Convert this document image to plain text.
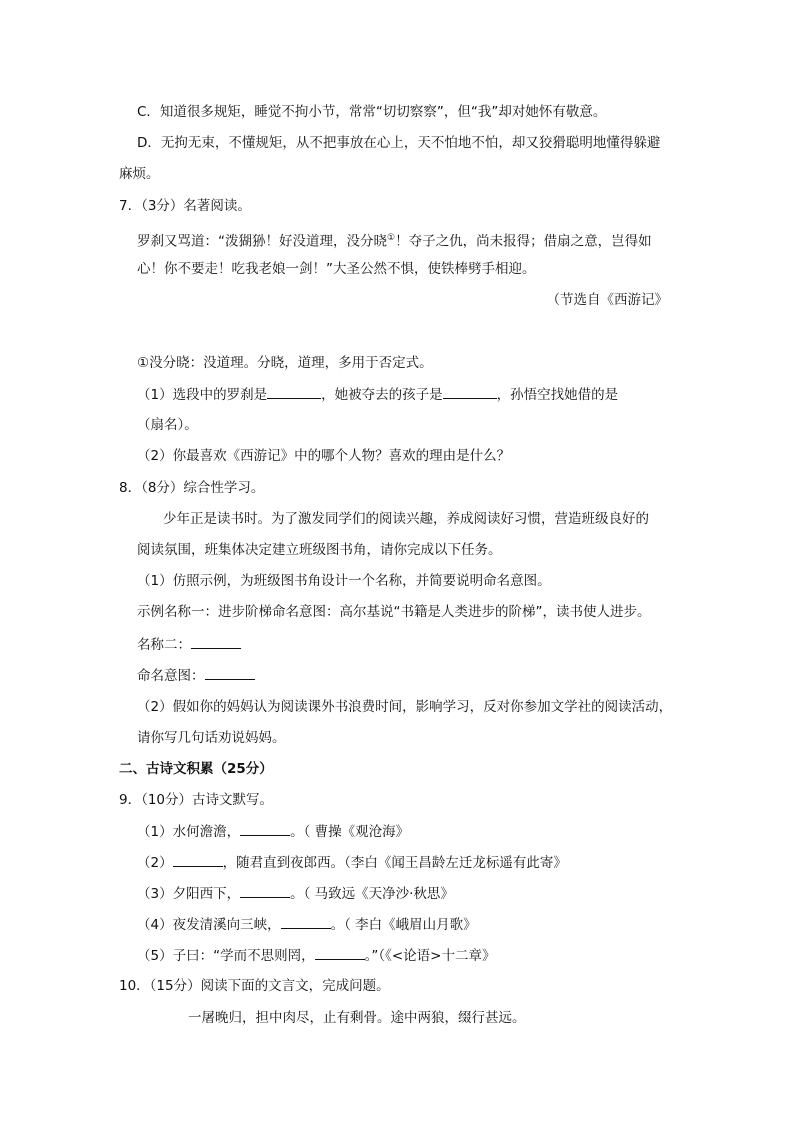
C．知道很多规矩，睡觉不拘小节，常常“切切察察”，但“我”却对她怀有敬意。
D．无拘无束，不懂规矩，从不把事放在心上，天不怕地不怕，却又狡猾聪明地懂得躲避
麻烦。
7．（3分）名著阅读。
罗刹又骂道：“泼猢狲！好没道理，没分晓①！夺子之仇，尚未报得；借扇之意，岂得如
心！你不要走！吃我老娘一剑！”大圣公然不惧，使铁棒劈手相迎。
（节选自《西游记》
①没分晓：没道理。分晓，道理，多用于否定式。
（1）选段中的罗刹是	，她被夺去的孩子是	，孙悟空找她借的是
（扇名）。
（2）你最喜欢《西游记》中的哪个人物？喜欢的理由是什么？
8．（8分）综合性学习。
少年正是读书时。为了激发同学们的阅读兴趣，养成阅读好习惯，营造班级良好的
阅读氛围，班集体决定建立班级图书角，请你完成以下任务。
（1）仿照示例，为班级图书角设计一个名称，并简要说明命名意图。
示例名称一：进步阶梯命名意图：高尔基说“书籍是人类进步的阶梯”，读书使人进步。
名称二：
命名意图：
（2）假如你的妈妈认为阅读课外书浪费时间，影响学习，反对你参加文学社的阅读活动，
请你写几句话劝说妈妈。
二、古诗文积累（25分）
9．（10分）古诗文默写。
（1）水何澹澹，	。（ 曹操《观沧海》
（2）	，随君直到夜郎西。（李白《闻王昌龄左迁龙标遥有此寄》
（3）夕阳西下，	。（ 马致远《天净沙·秋思》
（4）夜发清溪向三峡，	。（ 李白《峨眉山月歌》
（5）子曰：“学而不思则罔，	。”（《<论语>十二章》
10．（15分）阅读下面的文言文，完成问题。
一屠晚归，担中肉尽，止有剩骨。途中两狼，缀行甚远。
